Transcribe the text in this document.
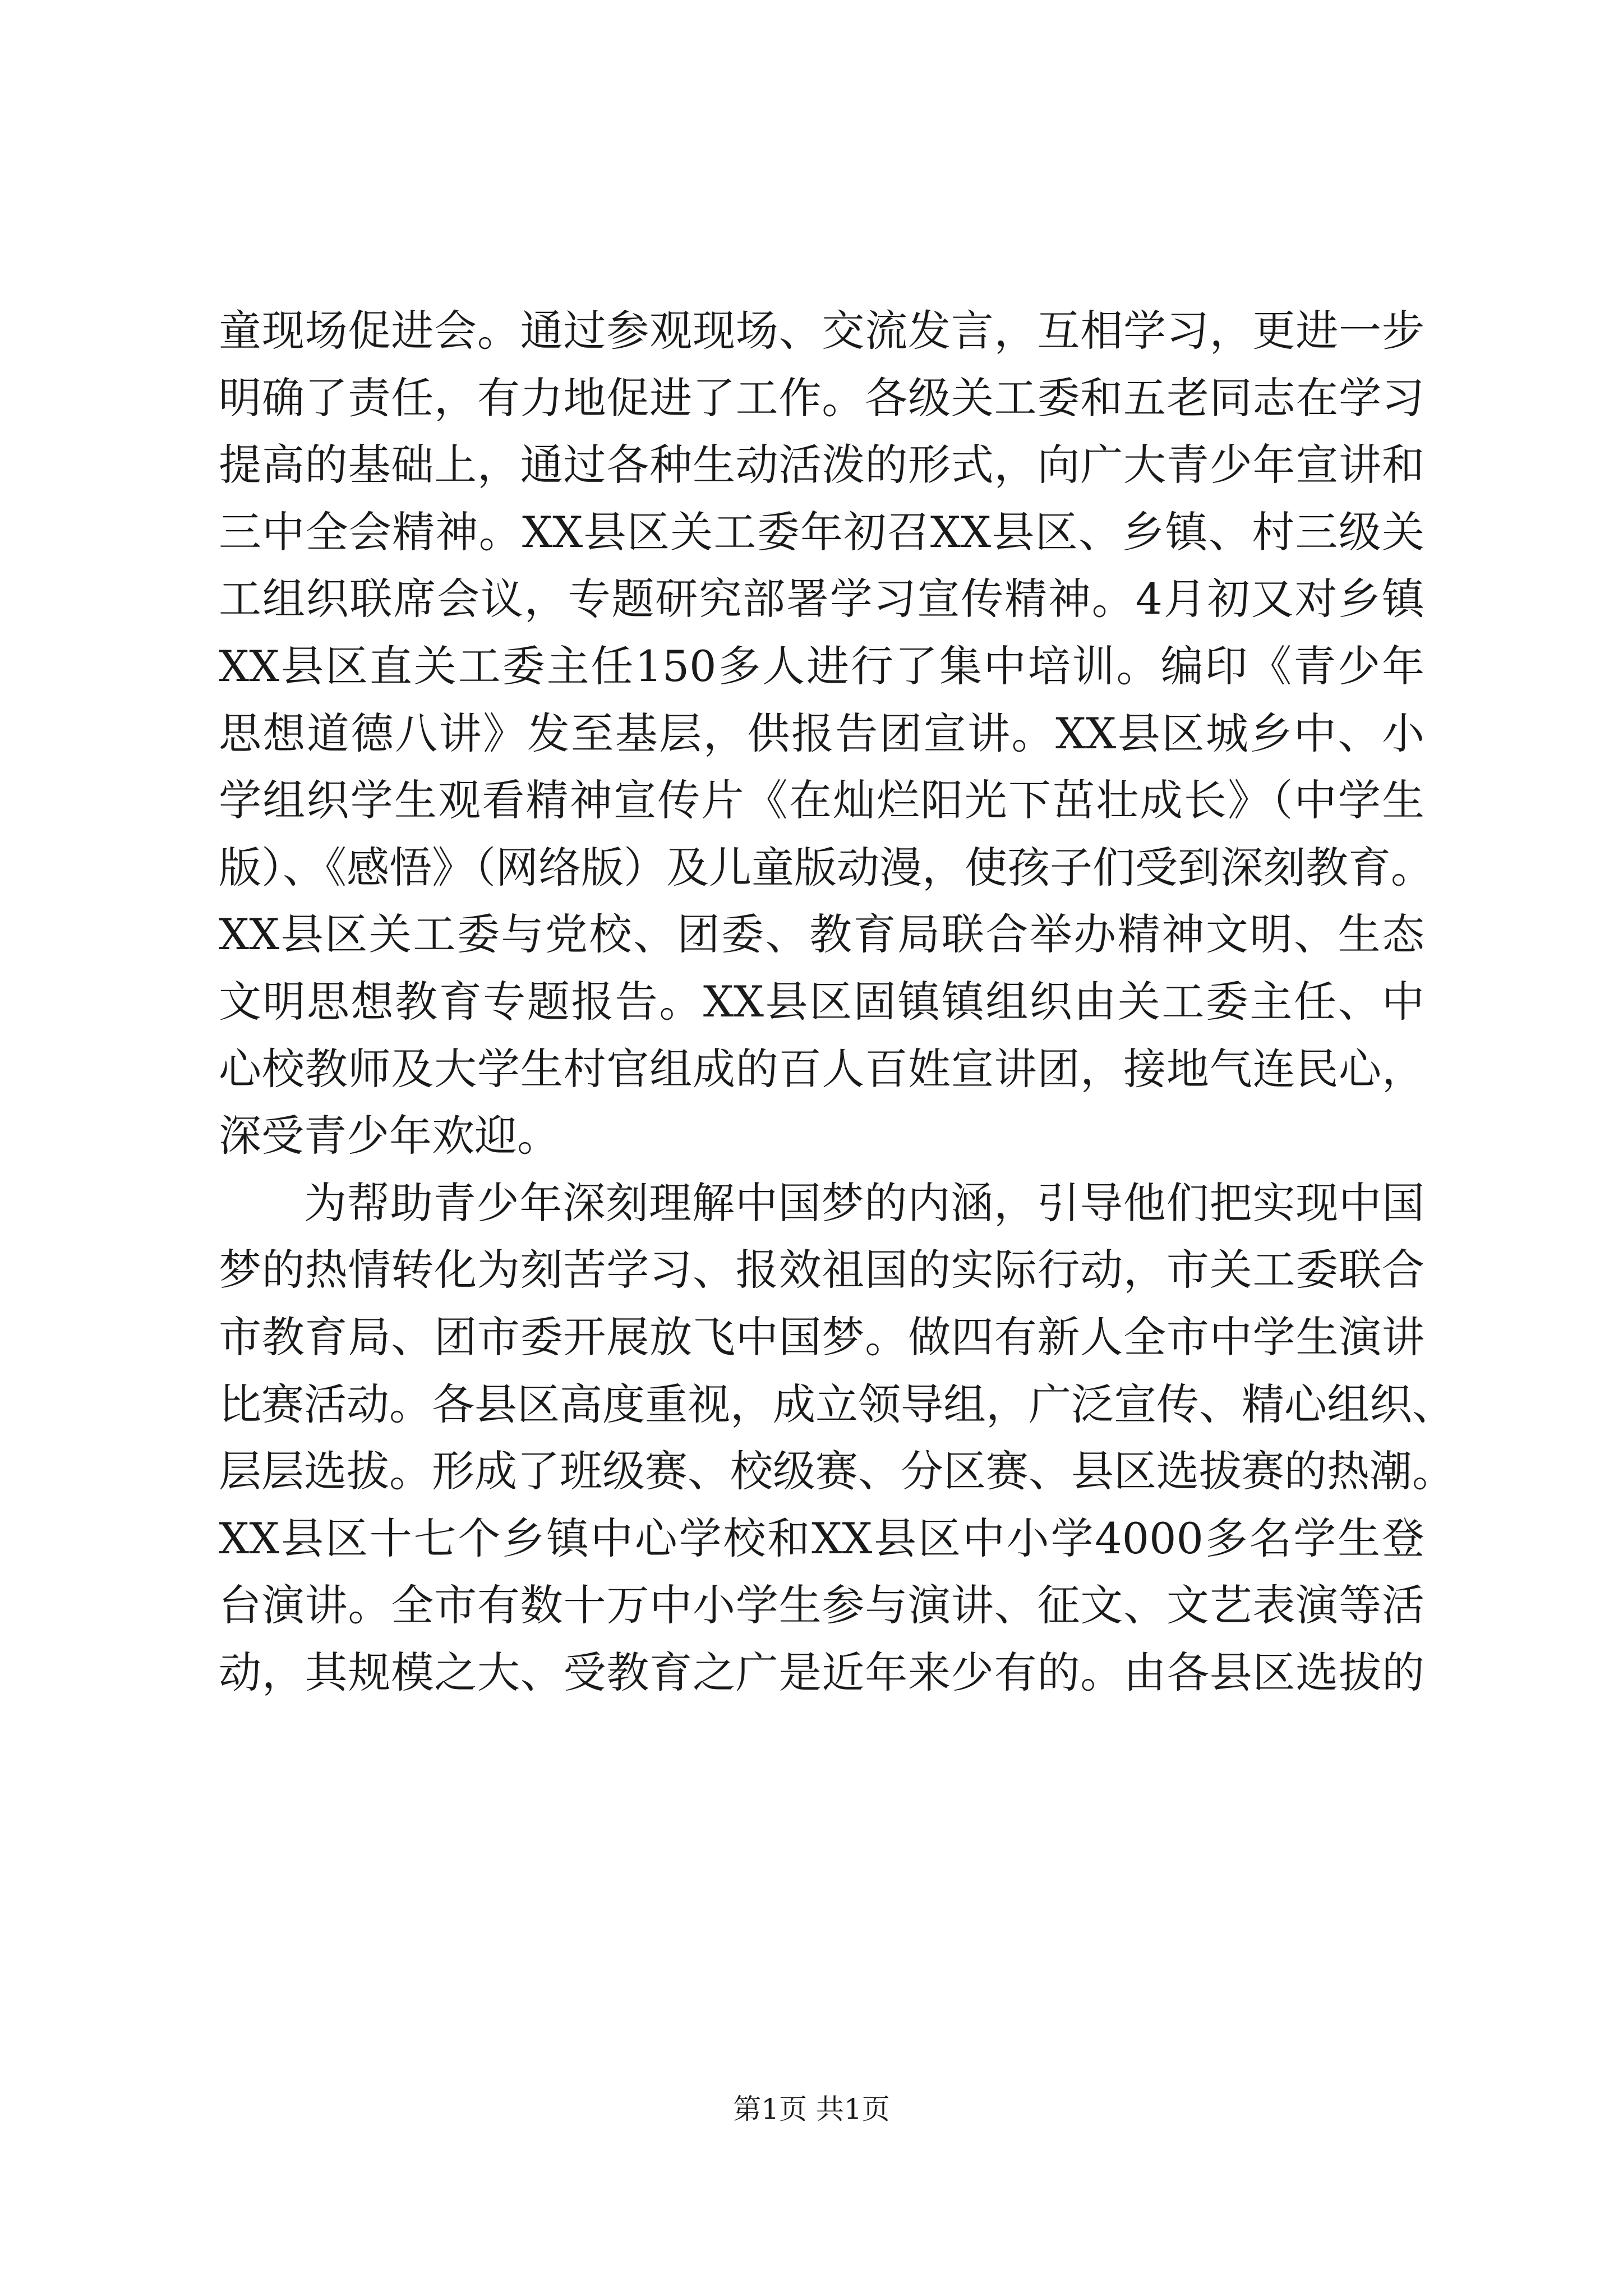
童现场促进会。通过参观现场、交流发言，互相学习，更进一步
明确了责任，有力地促进了工作。各级关工委和五老同志在学习
提高的基础上，通过各种生动活泼的形式，向广大青少年宣讲和
三中全会精神。XX县区关工委年初召XX县区、乡镇、村三级关
工组织联席会议，专题研究部署学习宣传精神。4月初又对乡镇
XX县区直关工委主任150多人进行了集中培训。编印《青少年
思想道德八讲》发至基层，供报告团宣讲。XX县区城乡中、小
学组织学生观看精神宣传片《在灿烂阳光下茁壮成长》（中学生
版）、《感悟》（网络版）及儿童版动漫，使孩子们受到深刻教育。
XX县区关工委与党校、团委、教育局联合举办精神文明、生态
文明思想教育专题报告。XX县区固镇镇组织由关工委主任、中
心校教师及大学生村官组成的百人百姓宣讲团，接地气连民心，
深受青少年欢迎。
为帮助青少年深刻理解中国梦的内涵，引导他们把实现中国
梦的热情转化为刻苦学习、报效祖国的实际行动，市关工委联合
市教育局、团市委开展放飞中国梦。做四有新人全市中学生演讲
比赛活动。各县区高度重视，成立领导组，广泛宣传、精心组织、
层层选拔。形成了班级赛、校级赛、分区赛、县区选拔赛的热潮。
XX县区十七个乡镇中心学校和XX县区中小学4000多名学生登
台演讲。全市有数十万中小学生参与演讲、征文、文艺表演等活
动，其规模之大、受教育之广是近年来少有的。由各县区选拔的
第1页 共1页
